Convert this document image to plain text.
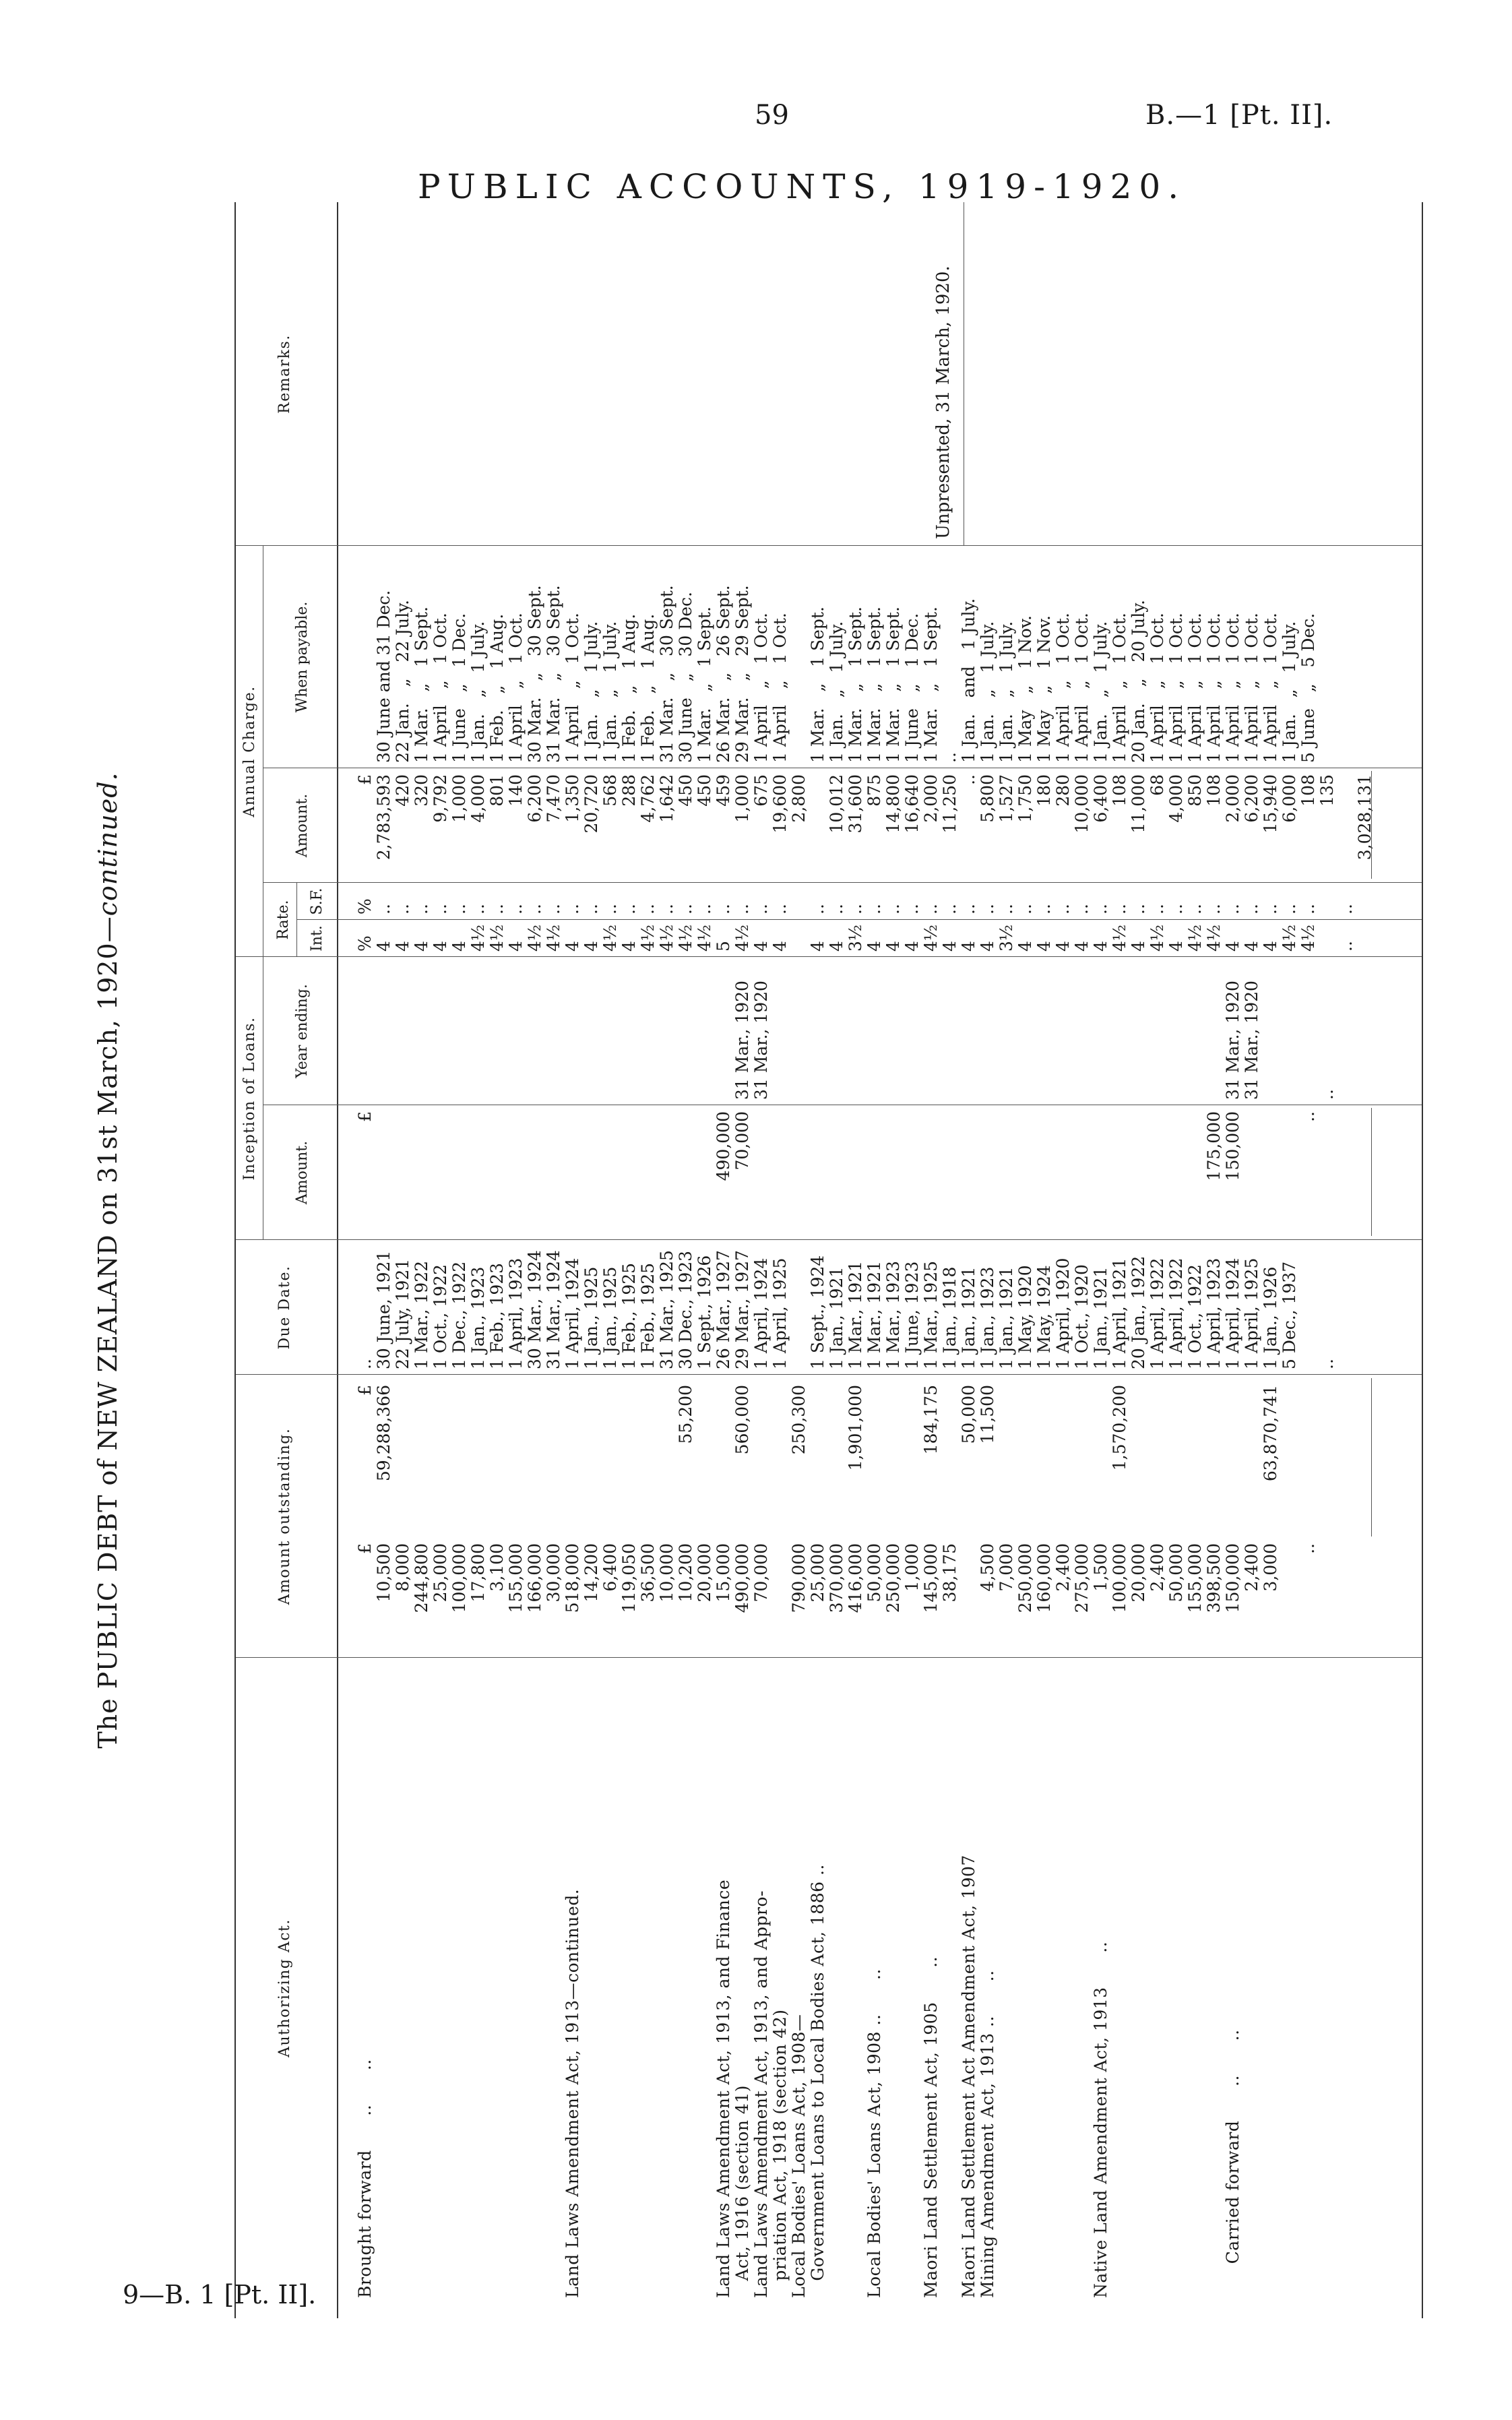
59	B.—1 [Pt. II].
PUBLIC ACCOUNTS, 1919-1920.
The PUBLIC DEBT of NEW ZEALAND on 31st March, 1920—continued.
Authorizing Act.
Amount outstanding.
Due Date.
Inception of Loans. Amount.
Year ending.
Annual Charge.
Rate. Int.
S.F.
Amount.
When payable.
Remarks.
Brought forward      ..      ..

Land Laws Amendment Act, 1913—continued.

Land Laws Amendment Act, 1913, and Finance
Act, 1916 (section 41)
Land Laws Amendment Act, 1913, and Appro-
priation Act, 1918 (section 42)
Local Bodies' Loans Act, 1908—
Government Loans to Local Bodies Act, 1886 ..

Local Bodies' Loans Act, 1908 ..      ..

Maori Land Settlement Act, 1905      ..

Maori Land Settlement Act Amendment Act, 1907
Mining Amendment Act, 1913 ..      ..

Native Land Amendment Act, 1913      ..

Carried forward      ..      ..
£
10,500
8,000
244,800
25,000
100,000
17,800
3,100
155,000
166,000
30,000
518,000
14,200
6,400
119,050
36,500
10,000
10,200
20,000
15,000
490,000
70,000

790,000
25,000
370,000
416,000
50,000
250,000
1,000
145,000
38,175

4,500
7,000
250,000
160,000
2,400
275,000
1,500
100,000
20,000
2,400
50,000
155,000
398,500
150,000
2,400
3,000

..
£
59,288,366

55,200

560,000

250,300

1,901,000

184,175

50,000
11,500

1,570,200

63,870,741
..
30 June, 1921
22 July, 1921
1 Mar., 1922
1 Oct., 1922
1 Dec., 1922
1 Jan., 1923
1 Feb., 1923
1 April, 1923
30 Mar., 1924
31 Mar., 1924
1 April, 1924
1 Jan., 1925
1 Jan., 1925
1 Feb., 1925
1 Feb., 1925
31 Mar., 1925
30 Dec., 1923
1 Sept., 1926
26 Mar., 1927
29 Mar., 1927
1 April, 1924
1 April, 1925

1 Sept., 1924
1 Jan., 1921
1 Mar., 1921
1 Mar., 1921
1 Mar., 1923
1 June, 1923
1 Mar., 1925
1 Jan., 1918
1 Jan., 1921
1 Jan., 1923
1 Jan., 1921
1 May, 1920
1 May, 1924
1 April, 1920
1 Oct., 1920
1 Jan., 1921
1 April, 1921
20 Jan., 1922
1 April, 1922
1 April, 1922
1 Oct., 1922
1 April, 1923
1 April, 1924
1 April, 1925
1 Jan., 1926
5 Dec., 1937

..
£

490,000
70,000

175,000
150,000

..

31 Mar., 1920
31 Mar., 1920

31 Mar., 1920
31 Mar., 1920

..
%
4
4
4
4
4
4½
4½
4
4½
4½
4
4
4½
4
4½
4½
4½
4½
5
4½
4
4

4
4
3½
4
4
4
4½
4
4
4
3½
4
4
4
4
4
4½
4
4½
4
4½
4½
4
4
4
4½
4½

..
%
..
..
..
..
..
..
..
..
..
..
..
..
..
..
..
..
..
..
..
..
..
..

..
..
..
..
..
..
..
..
..
..
..
..
..
..
..
..
..
..
..
..
..
..
..
..
..
..
..

..
£
2,783,593
420
320
9,792
1,000
4,000
801
140
6,200
7,470
1,350
20,720
568
288
4,762
1,642
450
450
459
1,000
675
19,600
2,800

10,012
31,600
875
14,800
16,640
2,000
11,250
..
5,800
1,527
1,750
180
280
10,000
6,400
108
11,000
68
4,000
850
108
2,000
6,200
15,940
6,000
108
135

3,028,131

30 June and 31 Dec.
22 Jan.   „   22 July.
1 Mar.   „   1 Sept.
1 April   „   1 Oct.
1 June   „   1 Dec.
1 Jan.   „   1 July.
1 Feb.   „   1 Aug.
1 April   „   1 Oct.
30 Mar.   „   30 Sept.
31 Mar.   „   30 Sept.
1 April   „   1 Oct.
1 Jan.   „   1 July.
1 Jan.   „   1 July.
1 Feb.   „   1 Aug.
1 Feb.   „   1 Aug.
31 Mar.   „   30 Sept.
30 June   „   30 Dec.
1 Mar.   „   1 Sept.
26 Mar.   „   26 Sept.
29 Mar.   „   29 Sept.
1 April   „   1 Oct.
1 April   „   1 Oct.

1 Mar.   „   1 Sept.
1 Jan.   „   1 July.
1 Mar.   „   1 Sept.
1 Mar.   „   1 Sept.
1 Mar.   „   1 Sept.
1 June   „   1 Dec.
1 Mar.   „   1 Sept.
..
1 Jan.   and   1 July.
1 Jan.   „   1 July.
1 Jan.   „   1 July.
1 May   „   1 Nov.
1 May   „   1 Nov.
1 April   „   1 Oct.
1 April   „   1 Oct.
1 Jan.   „   1 July.
1 April   „   1 Oct.
20 Jan.   „   20 July.
1 April   „   1 Oct.
1 April   „   1 Oct.
1 April   „   1 Oct.
1 April   „   1 Oct.
1 April   „   1 Oct.
1 April   „   1 Oct.
1 April   „   1 Oct.
1 Jan.   „   1 July.
5 June   „   5 Dec.
Unpresented, 31 March, 1920.
9—B. 1 [Pt. II].
